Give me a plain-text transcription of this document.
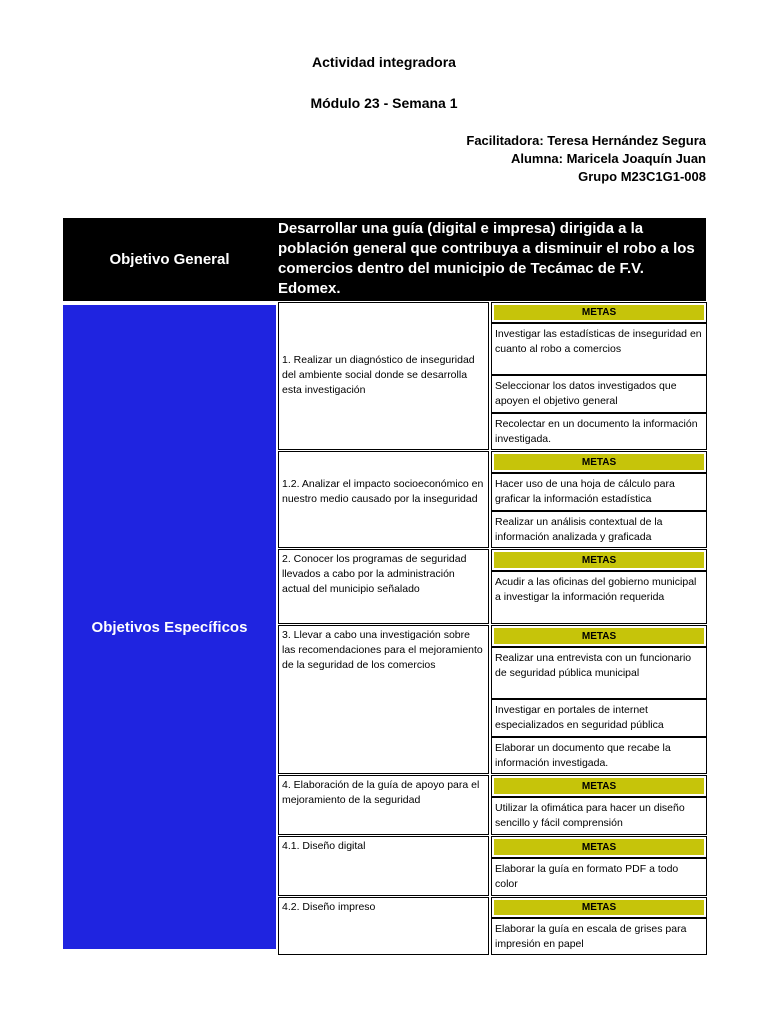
Actividad integradora
Módulo 23 - Semana 1
Facilitadora: Teresa Hernández Segura
Alumna: Maricela Joaquín Juan
Grupo M23C1G1-008
Objetivo General
Desarrollar una guía (digital e impresa) dirigida a la población general que contribuya a disminuir el robo a los comercios dentro del municipio de Tecámac de F.V. Edomex.
Objetivos Específicos
1. Realizar un diagnóstico de inseguridad del ambiente social donde se desarrolla esta investigación
METAS
Investigar las estadísticas de inseguridad en cuanto al robo a comercios
Seleccionar los datos investigados que apoyen el objetivo general
Recolectar en un documento la información investigada.
1.2. Analizar el impacto socioeconómico en nuestro medio causado por la inseguridad
METAS
Hacer uso de una hoja de cálculo para graficar la información estadística
Realizar un análisis contextual de la información analizada y graficada
2. Conocer los programas de seguridad llevados a cabo por la administración actual del municipio señalado
METAS
Acudir a las oficinas del gobierno municipal a investigar la información requerida
3. Llevar a cabo una investigación sobre las recomendaciones para el mejoramiento de la seguridad de los comercios
METAS
Realizar una entrevista con un funcionario de seguridad pública municipal
Investigar en portales de internet especializados en seguridad pública
Elaborar un documento que recabe la información investigada.
4. Elaboración de la guía de apoyo para el mejoramiento de la seguridad
METAS
Utilizar la ofimática para hacer un diseño sencillo y fácil comprensión
4.1. Diseño digital	METAS
Elaborar la guía en formato PDF a todo color
4.2. Diseño impreso	METAS
Elaborar la guía en escala de grises para impresión en papel
